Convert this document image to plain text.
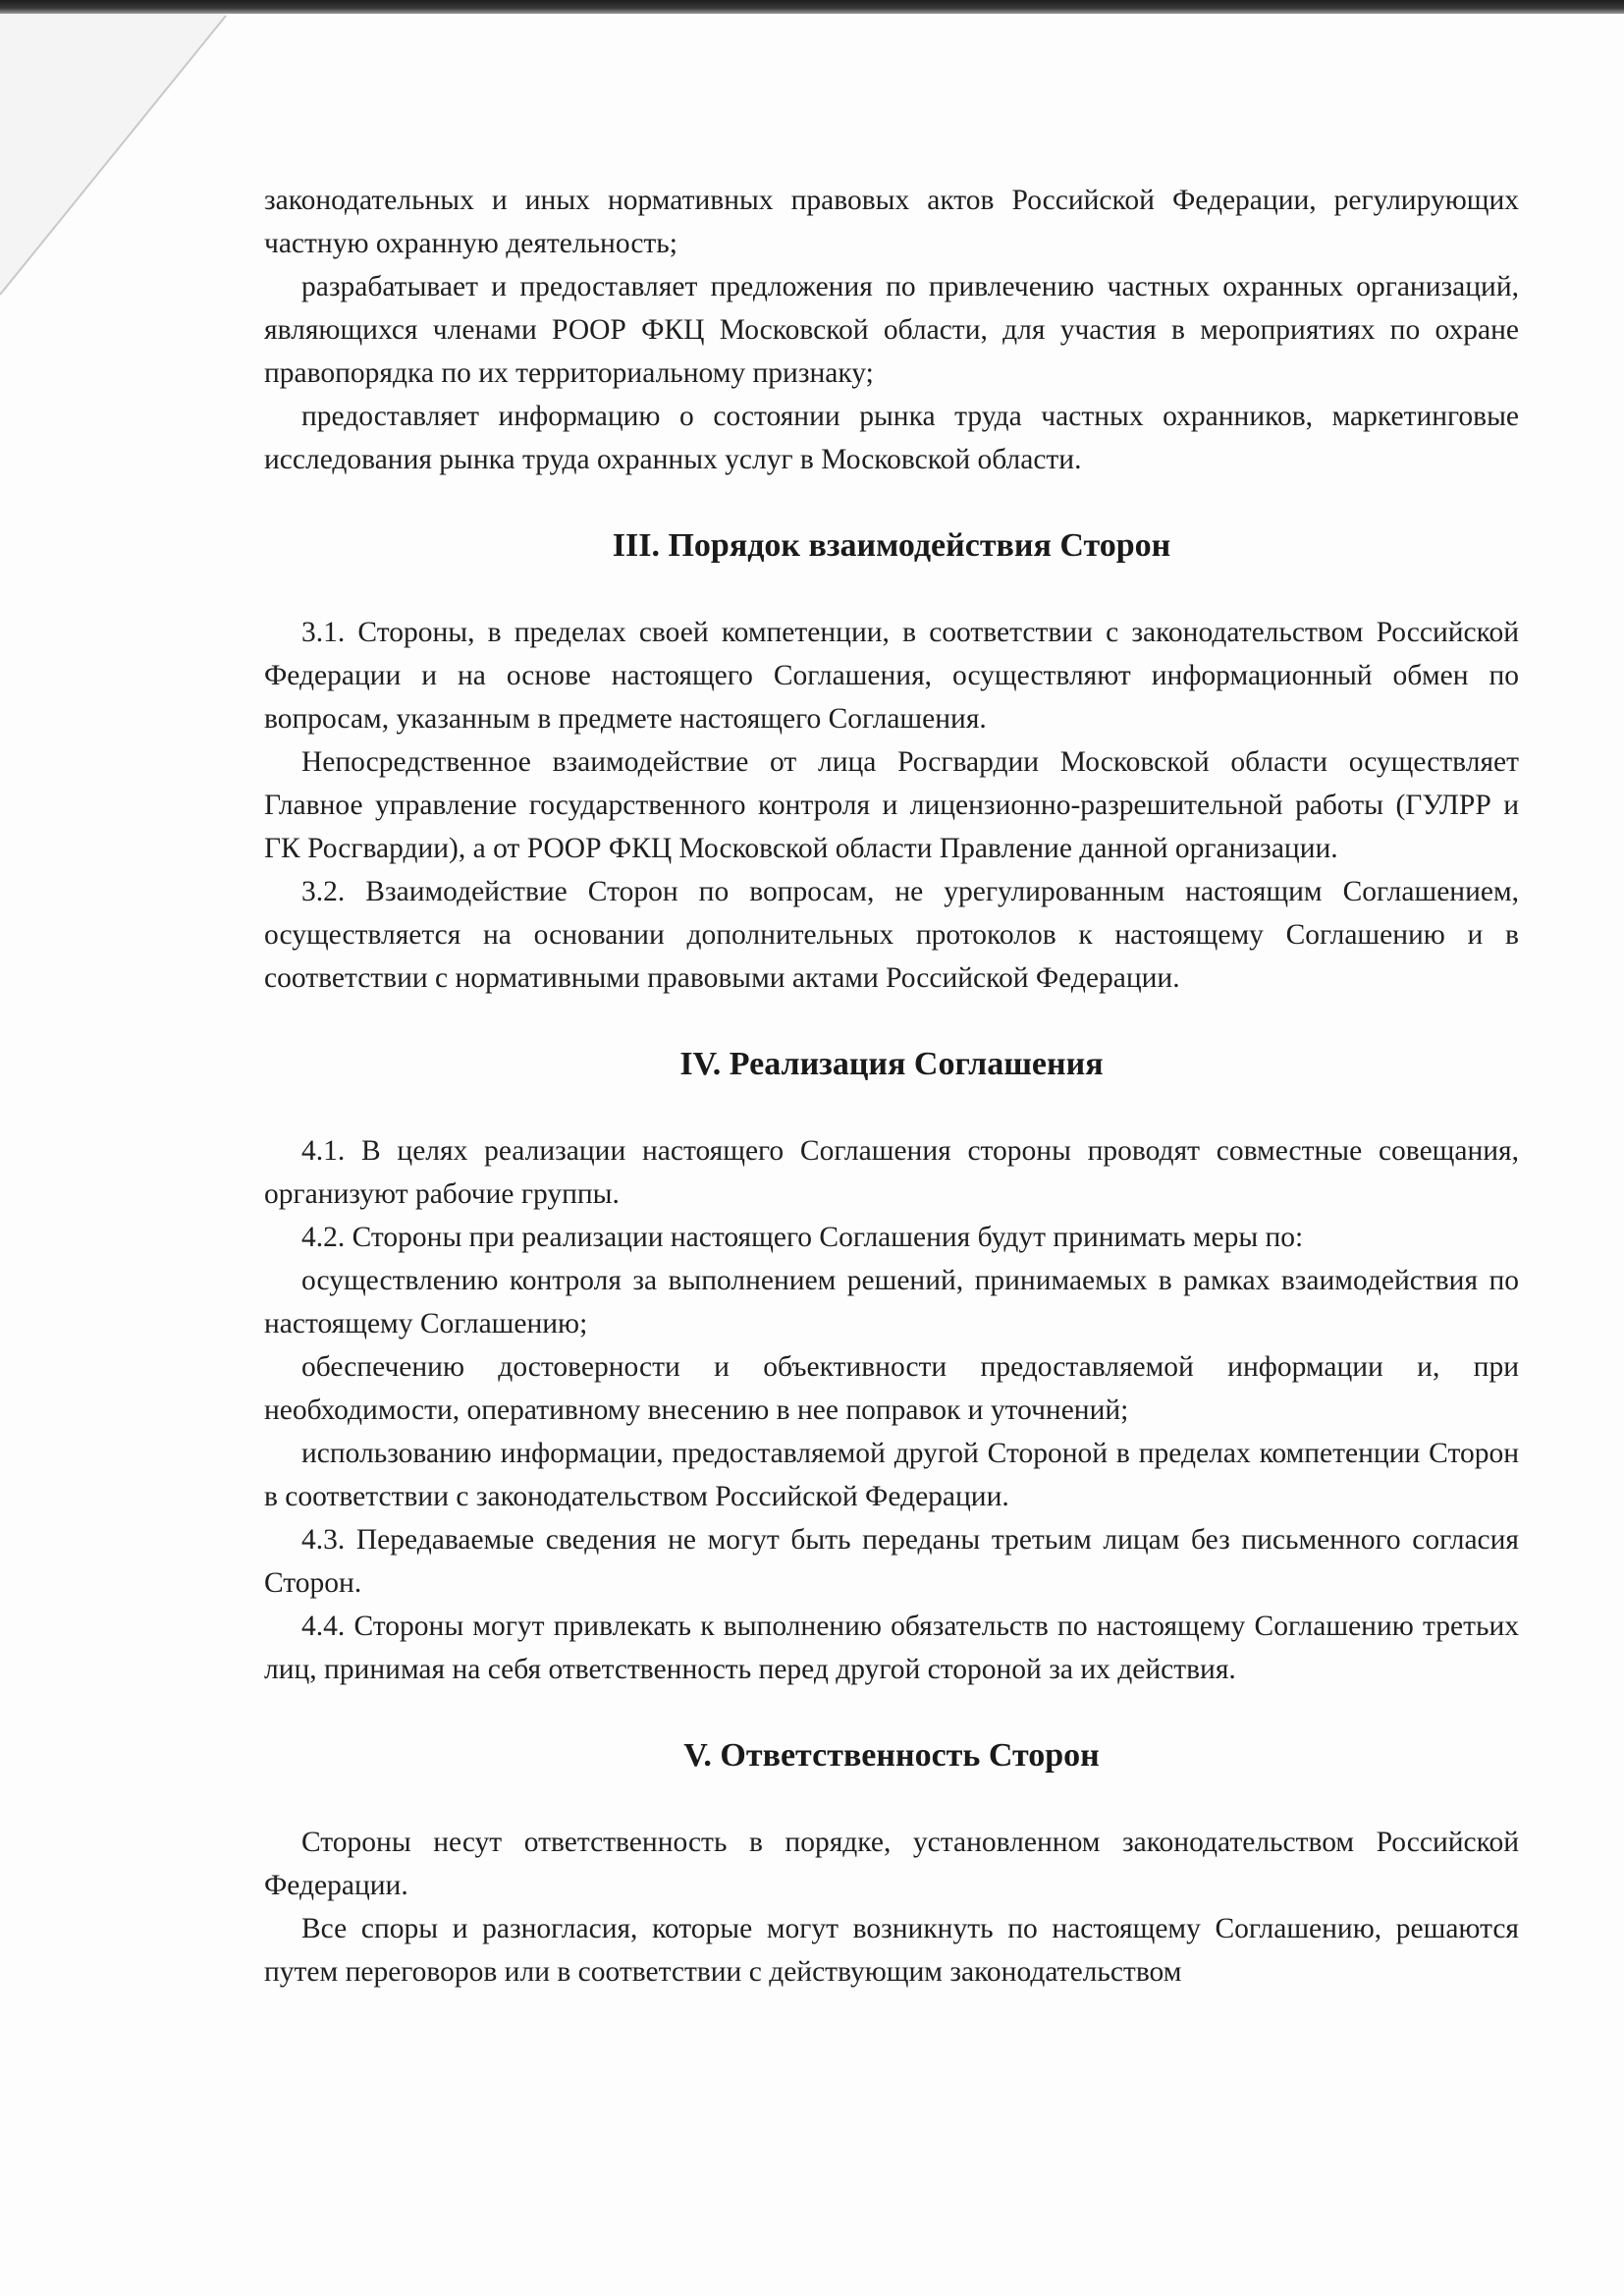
законодательных и иных нормативных правовых актов Российской Федерации, регулирующих частную охранную деятельность;

разрабатывает и предоставляет предложения по привлечению частных охранных организаций, являющихся членами РООР ФКЦ Московской области, для участия в мероприятиях по охране правопорядка по их территориальному признаку;

предоставляет информацию о состоянии рынка труда частных охранников, маркетинговые исследования рынка труда охранных услуг в Московской области.

III. Порядок взаимодействия Сторон

3.1. Стороны, в пределах своей компетенции, в соответствии с законодательством Российской Федерации и на основе настоящего Соглашения, осуществляют информационный обмен по вопросам, указанным в предмете настоящего Соглашения.

Непосредственное взаимодействие от лица Росгвардии Московской области осуществляет Главное управление государственного контроля и лицензионно-разрешительной работы (ГУЛРР и ГК Росгвардии), а от РООР ФКЦ Московской области Правление данной организации.

3.2. Взаимодействие Сторон по вопросам, не урегулированным настоящим Соглашением, осуществляется на основании дополнительных протоколов к настоящему Соглашению и в соответствии с нормативными правовыми актами Российской Федерации.

IV. Реализация Соглашения

4.1. В целях реализации настоящего Соглашения стороны проводят совместные совещания, организуют рабочие группы.

4.2. Стороны при реализации настоящего Соглашения будут принимать меры по:

осуществлению контроля за выполнением решений, принимаемых в рамках взаимодействия по настоящему Соглашению;

обеспечению достоверности и объективности предоставляемой информации и, при необходимости, оперативному внесению в нее поправок и уточнений;

использованию информации, предоставляемой другой Стороной в пределах компетенции Сторон в соответствии с законодательством Российской Федерации.

4.3. Передаваемые сведения не могут быть переданы третьим лицам без письменного согласия Сторон.

4.4. Стороны могут привлекать к выполнению обязательств по настоящему Соглашению третьих лиц, принимая на себя ответственность перед другой стороной за их действия.

V. Ответственность Сторон

Стороны несут ответственность в порядке, установленном законодательством Российской Федерации.

Все споры и разногласия, которые могут возникнуть по настоящему Соглашению, решаются путем переговоров или в соответствии с действующим законодательством
